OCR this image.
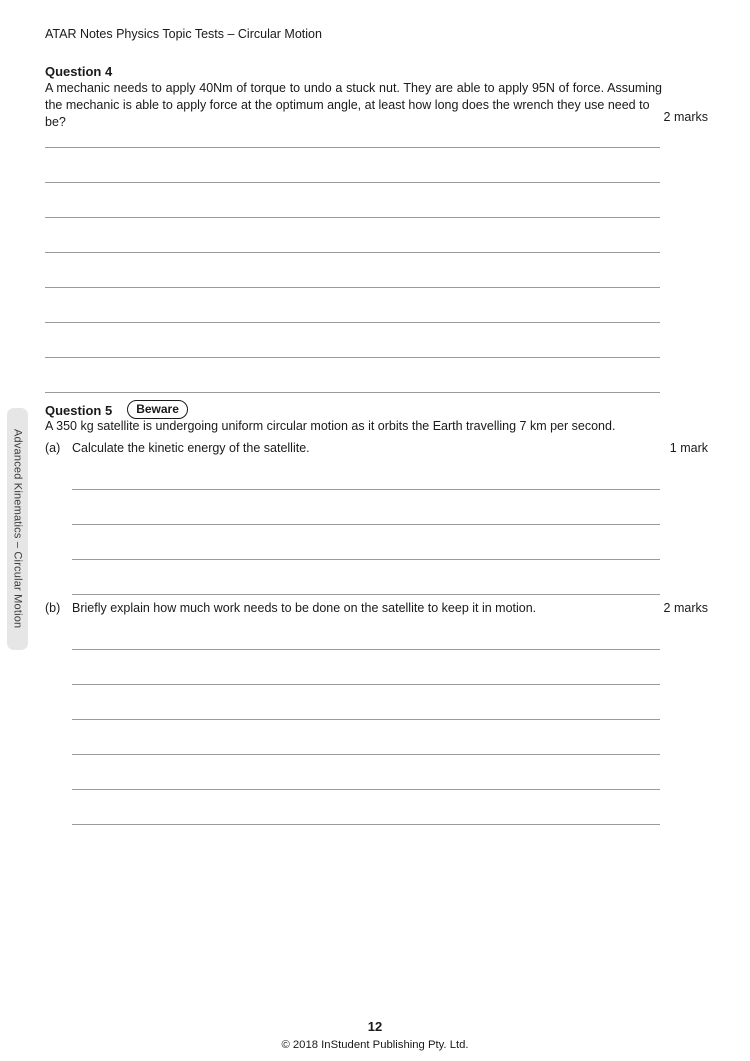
ATAR Notes Physics Topic Tests – Circular Motion
Question 4
A mechanic needs to apply 40Nm of torque to undo a stuck nut. They are able to apply 95N of force. Assuming
the mechanic is able to apply force at the optimum angle, at least how long does the wrench they use need to be?	2 marks
Question 5	Beware
A 350 kg satellite is undergoing uniform circular motion as it orbits the Earth travelling 7 km per second.
(a) Calculate the kinetic energy of the satellite.	1 mark
(b) Briefly explain how much work needs to be done on the satellite to keep it in motion.	2 marks
Advanced Kinematics – Circular Motion
12
© 2018 InStudent Publishing Pty. Ltd.
